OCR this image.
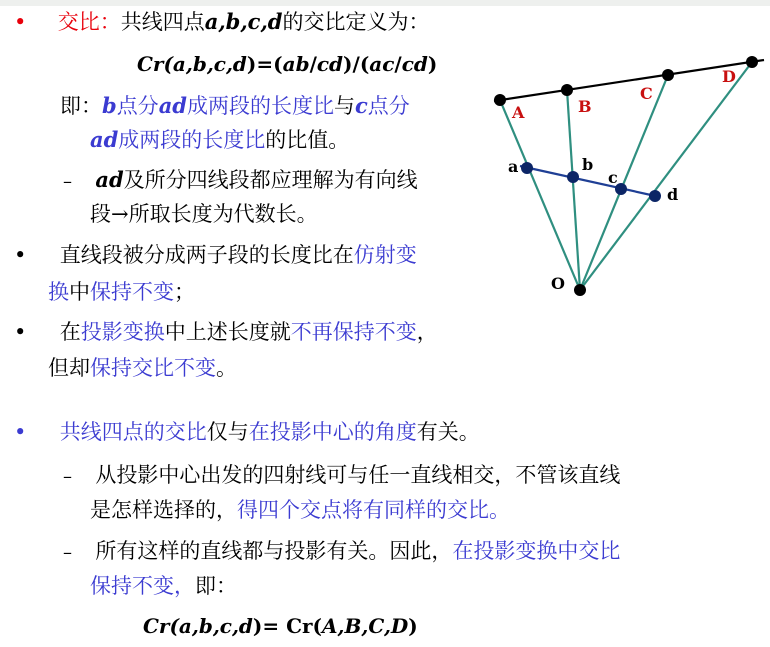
• 交比：共线四点a,b,c,d的交比定义为：
Cr(a,b,c,d)=(ab/cd)/(ac/cd)
即：b点分ad成两段的长度比与c点分
ad成两段的长度比的比值。
– ad及所分四线段都应理解为有向线
段→所取长度为代数长。
• 直线段被分成两子段的长度比在仿射变
换中保持不变；
• 在投影变换中上述长度就不再保持不变，
但却保持交比不变。
• 共线四点的交比仅与在投影中心的角度有关。
– 从投影中心出发的四射线可与任一直线相交，不管该直线
是怎样选择的，得四个交点将有同样的交比。
– 所有这样的直线都与投影有关。因此，在投影变换中交比
保持不变，即：
Cr(a,b,c,d)= Cr(A,B,C,D)
A	B
C
D
a	b
c
d
O
